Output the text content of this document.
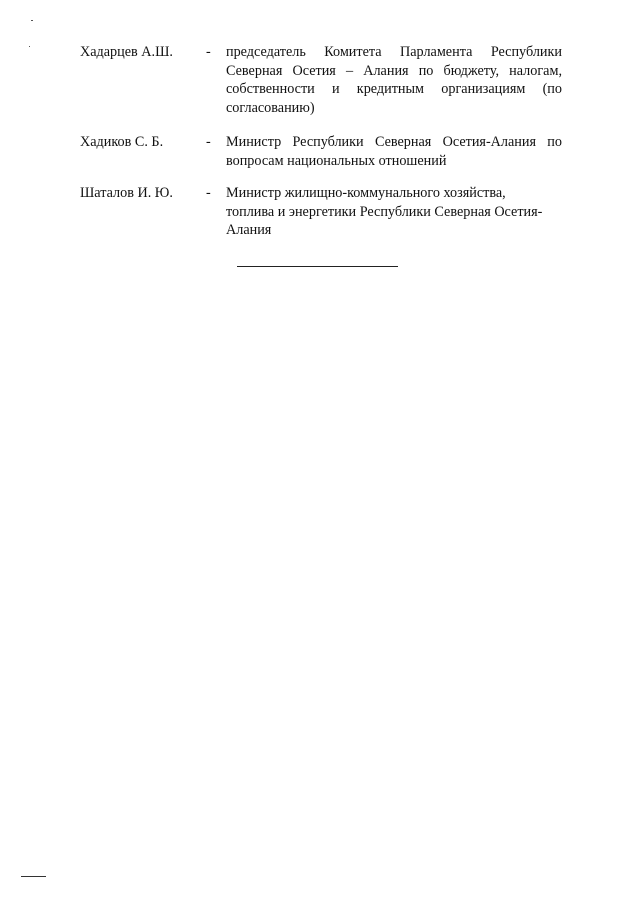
Хадарцев А.Ш. - председатель Комитета Парламента Республики
Северная Осетия – Алания по бюджету, налогам,
собственности и кредитным организациям (по
согласованию)
Хадиков С. Б.	- Министр Республики Северная Осетия-Алания по
вопросам национальных отношений
Шаталов И. Ю. - Министр жилищно-коммунального хозяйства,
топлива и энергетики Республики Северная Осетия-
Алания
